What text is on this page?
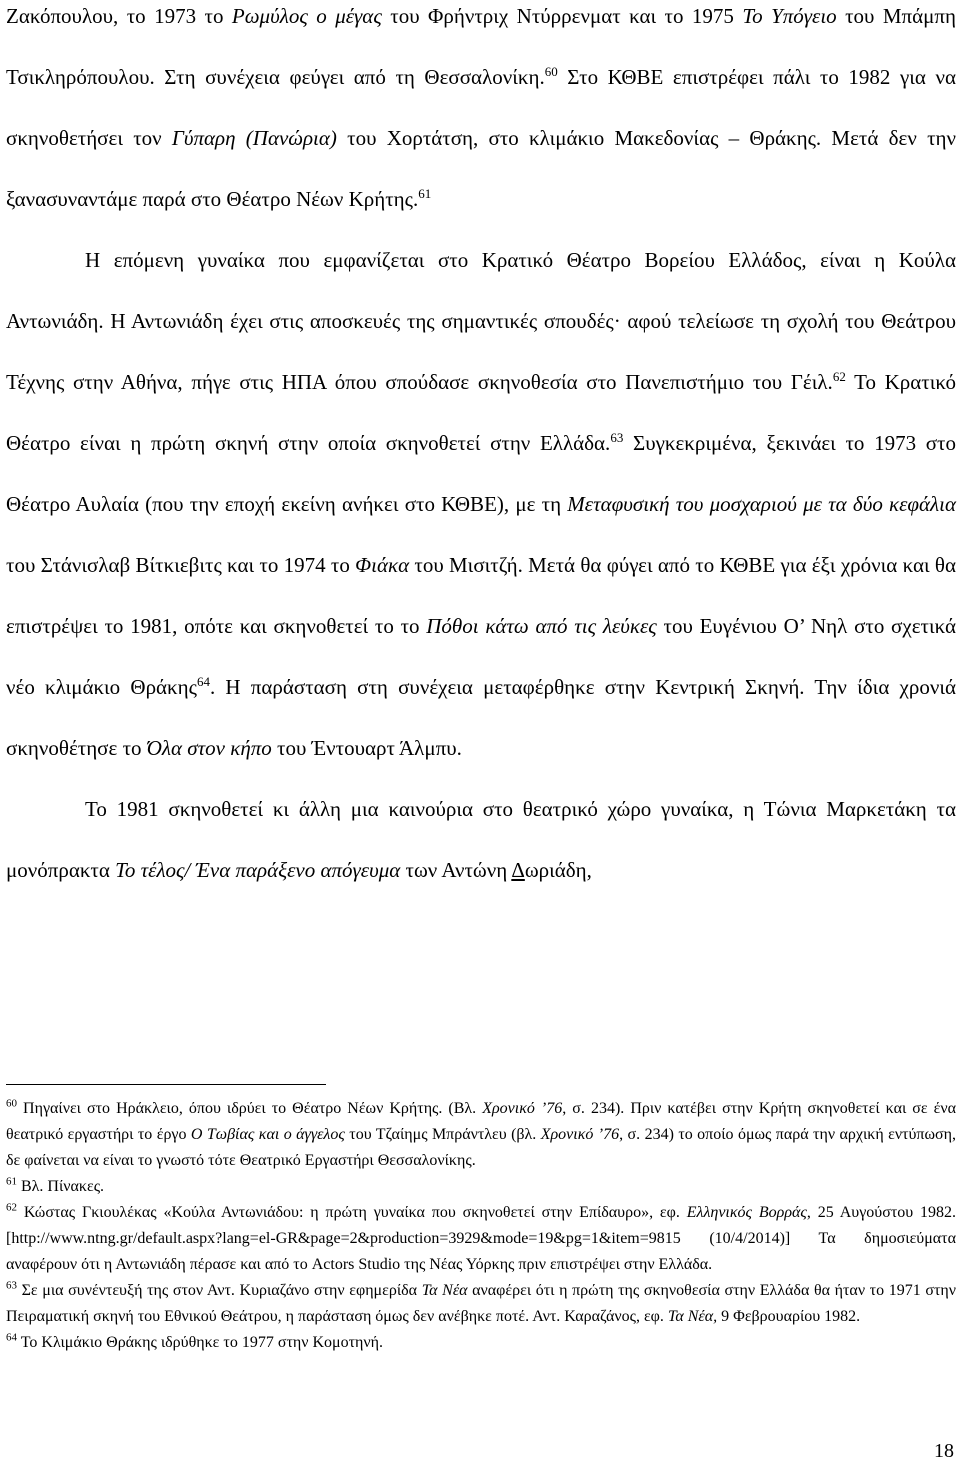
Ζακόπουλου, το 1973 το Ρωμύλος ο μέγας του Φρήντριχ Ντύρρενματ και το 1975 Το Υπόγειο του Μπάμπη Τσικληρόπουλου. Στη συνέχεια φεύγει από τη Θεσσαλονίκη.$^{60}$ Στο ΚΘΒΕ επιστρέφει πάλι το 1982 για να σκηνοθετήσει τον Γύπαρη (Πανώρια) του Χορτάτση, στο κλιμάκιο Μακεδονίας – Θράκης. Μετά δεν την ξανασυναντάμε παρά στο Θέατρο Νέων Κρήτης.$^{61}$

Η επόμενη γυναίκα που εμφανίζεται στο Κρατικό Θέατρο Βορείου Ελλάδος, είναι η Κούλα Αντωνιάδη. Η Αντωνιάδη έχει στις αποσκευές της σημαντικές σπουδές· αφού τελείωσε τη σχολή του Θεάτρου Τέχνης στην Αθήνα, πήγε στις ΗΠΑ όπου σπούδασε σκηνοθεσία στο Πανεπιστήμιο του Γέιλ.$^{62}$ Το Κρατικό Θέατρο είναι η πρώτη σκηνή στην οποία σκηνοθετεί στην Ελλάδα.$^{63}$ Συγκεκριμένα, ξεκινάει το 1973 στο Θέατρο Αυλαία (που την εποχή εκείνη ανήκει στο ΚΘΒΕ), με τη Μεταφυσική του μοσχαριού με τα δύο κεφάλια του Στάνισλαβ Βίτκιεβιτς και το 1974 το Φιάκα του Μισιτζή. Μετά θα φύγει από το ΚΘΒΕ για έξι χρόνια και θα επιστρέψει το 1981, οπότε και σκηνοθετεί το το Πόθοι κάτω από τις λεύκες του Ευγένιου Ο’ Νηλ στο σχετικά νέο κλιμάκιο Θράκης$^{64}$. Η παράσταση στη συνέχεια μεταφέρθηκε στην Κεντρική Σκηνή. Την ίδια χρονιά σκηνοθέτησε το Όλα στον κήπο του Έντουαρτ Άλμπυ.

Το 1981 σκηνοθετεί κι άλλη μια καινούρια στο θεατρικό χώρο γυναίκα, η Τώνια Μαρκετάκη τα μονόπρακτα Το τέλος/ Ένα παράξενο απόγευμα των Αντώνη Δωριάδη,

$^{60}$ Πηγαίνει στο Ηράκλειο, όπου ιδρύει το Θέατρο Νέων Κρήτης. (Βλ. Χρονικό ’76, σ. 234). Πριν κατέβει στην Κρήτη σκηνοθετεί και σε ένα θεατρικό εργαστήρι το έργο Ο Τωβίας και ο άγγελος του Τζαίημς Μπράντλευ (βλ. Χρονικό ’76, σ. 234) το οποίο όμως παρά την αρχική εντύπωση, δε φαίνεται να είναι το γνωστό τότε Θεατρικό Εργαστήρι Θεσσαλονίκης.

$^{61}$ Βλ. Πίνακες.

$^{62}$ Κώστας Γκιουλέκας «Κούλα Αντωνιάδου: η πρώτη γυναίκα που σκηνοθετεί στην Επίδαυρο», εφ. Ελληνικός Βορράς, 25 Αυγούστου 1982. [http://www.ntng.gr/default.aspx?lang=el-GR&page=2&production=3929&mode=19&pg=1&item=9815 (10/4/2014)] Τα δημοσιεύματα αναφέρουν ότι η Αντωνιάδη πέρασε και από το Actors Studio της Νέας Υόρκης πριν επιστρέψει στην Ελλάδα.

$^{63}$ Σε μια συνέντευξή της στον Αντ. Κυριαζάνο στην εφημερίδα Τα Νέα αναφέρει ότι η πρώτη της σκηνοθεσία στην Ελλάδα θα ήταν το 1971 στην Πειραματική σκηνή του Εθνικού Θεάτρου, η παράσταση όμως δεν ανέβηκε ποτέ. Αντ. Καραζάνος, εφ. Τα Νέα, 9 Φεβρουαρίου 1982.

$^{64}$ Το Κλιμάκιο Θράκης ιδρύθηκε το 1977 στην Κομοτηνή.

18
